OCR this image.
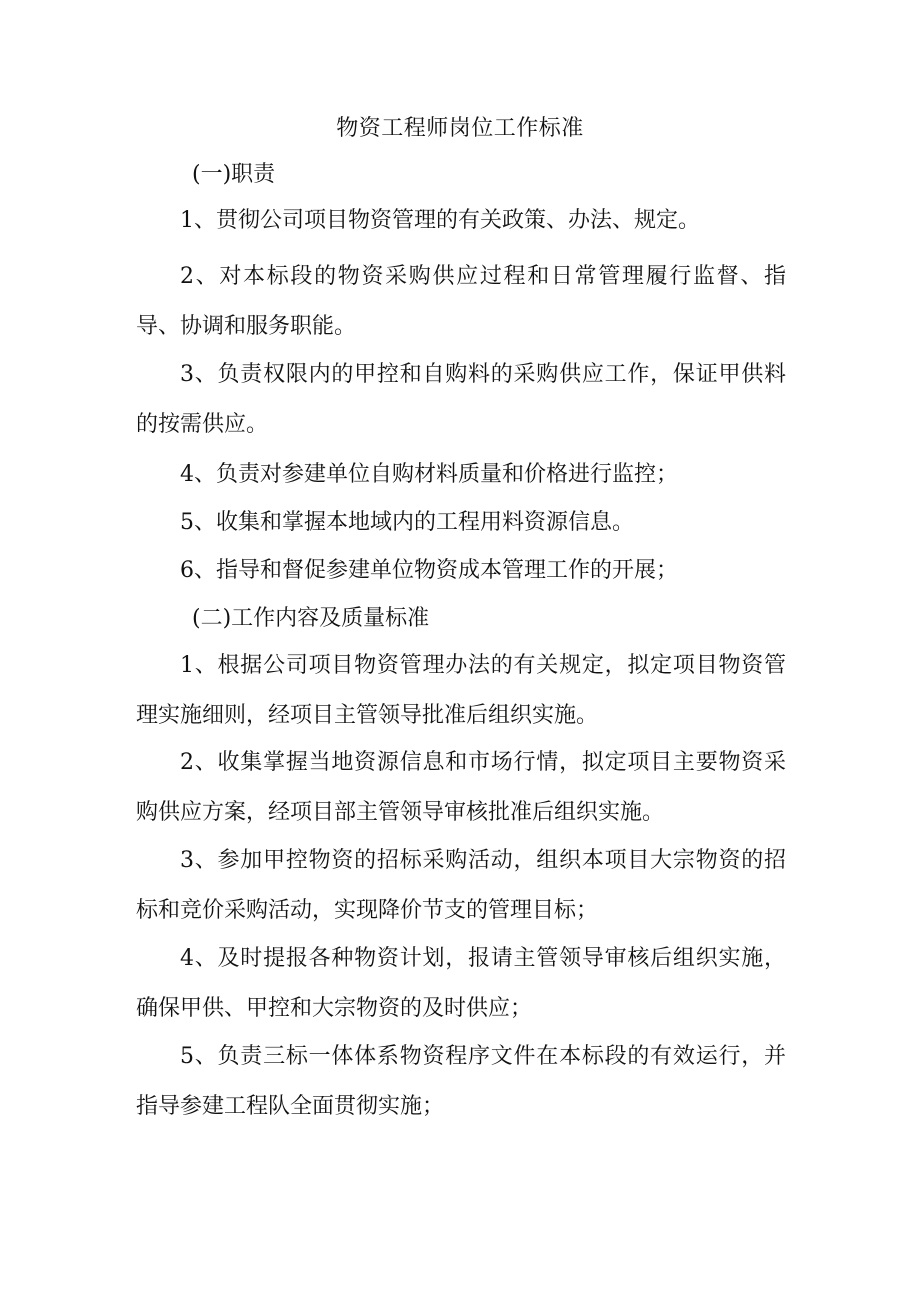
物资工程师岗位工作标准
(一)职责
1、贯彻公司项目物资管理的有关政策、办法、规定。

2、对本标段的物资采购供应过程和日常管理履行监督、指导、协调和服务职能。

3、负责权限内的甲控和自购料的采购供应工作，保证甲供料的按需供应。

4、负责对参建单位自购材料质量和价格进行监控；
5、收集和掌握本地域内的工程用料资源信息。
6、指导和督促参建单位物资成本管理工作的开展；
(二)工作内容及质量标准

1、根据公司项目物资管理办法的有关规定，拟定项目物资管理实施细则，经项目主管领导批准后组织实施。

2、收集掌握当地资源信息和市场行情，拟定项目主要物资采购供应方案，经项目部主管领导审核批准后组织实施。

3、参加甲控物资的招标采购活动，组织本项目大宗物资的招标和竞价采购活动，实现降价节支的管理目标；

4、及时提报各种物资计划，报请主管领导审核后组织实施，确保甲供、甲控和大宗物资的及时供应；

5、负责三标一体体系物资程序文件在本标段的有效运行，并指导参建工程队全面贯彻实施；
